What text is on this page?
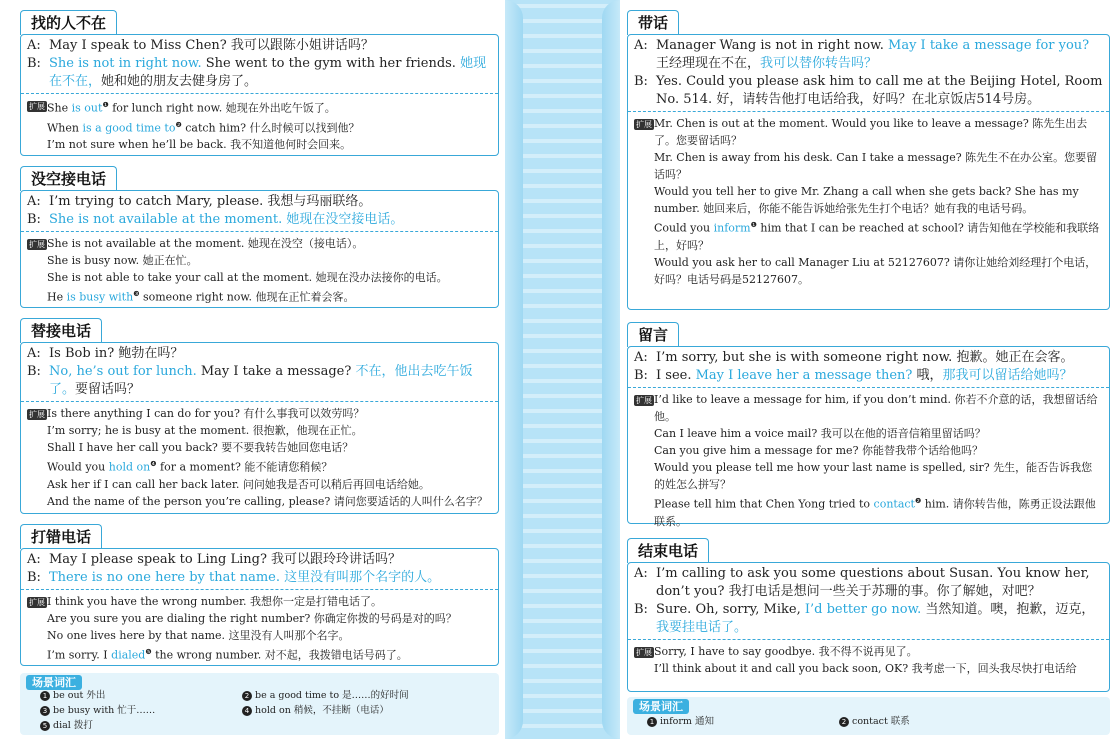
找的人不在
A: May I speak to Miss Chen? 我可以跟陈小姐讲话吗？
B: She is not in right now. She went to the gym with her friends. 她现在不在，她和她的朋友去健身房了。
扩展 She is out$^❶$ for lunch right now. 她现在外出吃午饭了。
When is a good time $to^❷$ catch him? 什么时候可以找到他？
I’m not sure when he’ll be back. 我不知道他何时会回来。
没空接电话
A: I’m trying to catch Mary, please. 我想与玛丽联络。
B: She is not available at the moment. 她现在没空接电话。
扩展 She is not available at the moment. 她现在没空（接电话）。
She is busy now. 她正在忙。
She is not able to take your call at the moment. 她现在没办法接你的电话。
He is busy with$^❸$ someone right now. 他现在正忙着会客。
替接电话
A: Is Bob in? 鲍勃在吗？
B: No, he’s out for lunch. May I take a message? 不在，他出去吃午饭了。要留话吗？
扩展 Is there anything I can do for you? 有什么事我可以效劳吗？
I’m sorry; he is busy at the moment. 很抱歉，他现在正忙。
Shall I have her call you back? 要不要我转告她回您电话？
Would you hold $on^❹$ for a moment? 能不能请您稍候？
Ask her if I can call her back later. 问问她我是否可以稍后再回电话给她。
And the name of the person you’re calling, please? 请问您要适话的人叫什么名字？
打错电话
A: May I please speak to Ling Ling? 我可以跟玲玲讲话吗？
B: There is no one here by that name. 这里没有叫那个名字的人。
扩展 I think you have the wrong number. 我想你一定是打错电话了。
Are you sure you are dialing the right number? 你确定你拨的号码是对的吗？
No one lives here by that name. 这里没有人叫那个名字。
I’m sorry. I dialed$^❺$ the wrong number. 对不起，我拨错电话号码了。
场景词汇
1 be out 外出	2 be a good time to 是……的好时间
3 be busy with 忙于……	4 hold on 稍候，不挂断（电话）
5 dial 拨打
带话
A: Manager Wang is not in right now. May I take a message for you? 王经理现在不在，我可以替你转告吗？
B: Yes. Could you please ask him to call me at the Beijing Hotel, Room No. 514. 好，请转告他打电话给我，好吗？在北京饭店514号房。
扩展 Mr. Chen is out at the moment. Would you like to leave a message? 陈先生出去了。您要留话吗？
Mr. Chen is away from his desk. Can I take a message? 陈先生不在办公室。您要留话吗？
Would you tell her to give Mr. Zhang a call when she gets back? She has my number. 她回来后，你能不能告诉她给张先生打个电话？她有我的电话号码。
Could you inform$^❶$ him that I can be reached at school? 请告知他在学校能和我联络上，好吗？
Would you ask her to call Manager Liu at 52127607? 请你让她给刘经理打个电话，好吗？电话号码是52127607。
留言
A: I’m sorry, but she is with someone right now. 抱歉。她正在会客。
B: I see. May I leave her a message then? 哦，那我可以留话给她吗？
扩展 I’d like to leave a message for him, if you don’t mind. 你若不介意的话，我想留话给他。
Can I leave him a voice mail? 我可以在他的语音信箱里留话吗？
Can you give him a message for me? 你能替我带个话给他吗？
Would you please tell me how your last name is spelled, sir? 先生，能否告诉我您的姓怎么拼写？
Please tell him that Chen Yong tried to contact$^❷$ him. 请你转告他，陈勇正设法跟他联系。
结束电话
A: I’m calling to ask you some questions about Susan. You know her, don’t you? 我打电话是想问一些关于苏珊的事。你了解她，对吧？
B: Sure. Oh, sorry, Mike, I’d better go now. 当然知道。噢，抱歉，迈克，我要挂电话了。
扩展 Sorry, I have to say goodbye. 我不得不说再见了。
I’ll think about it and call you back soon, OK? 我考虑一下，回头我尽快打电话给
场景词汇
1 inform 通知	2 contact 联系
